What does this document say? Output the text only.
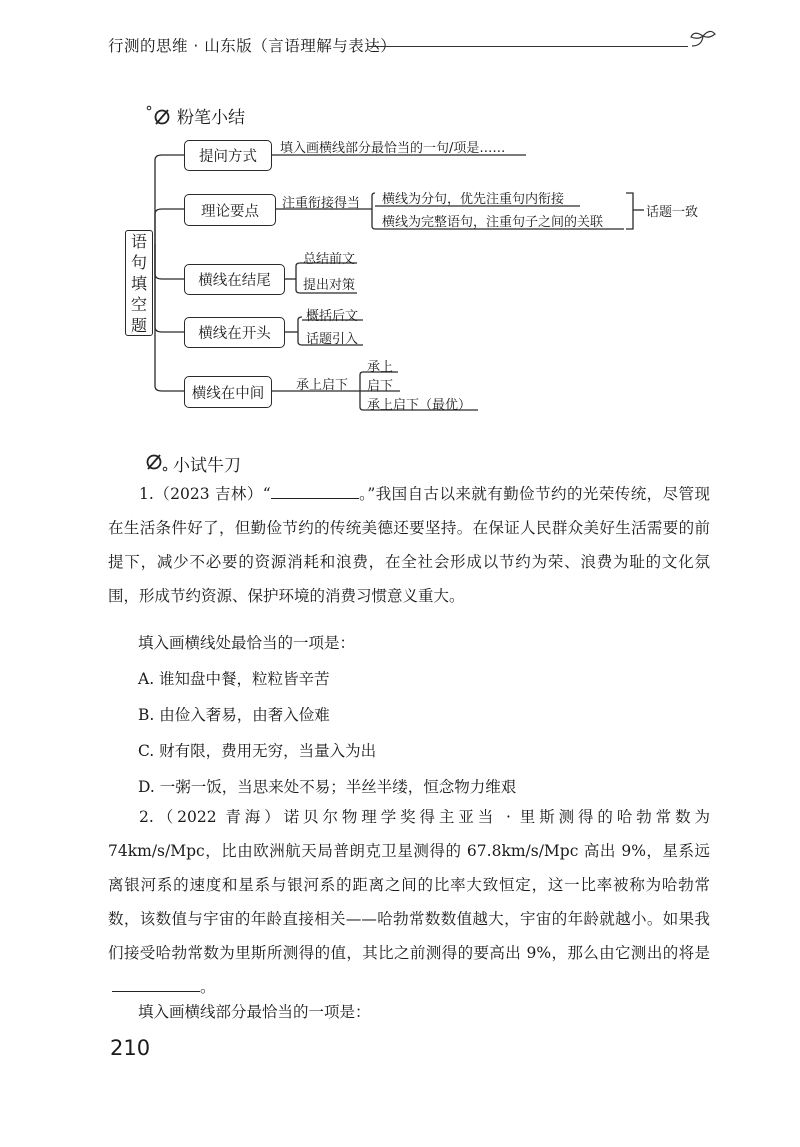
行测的思维 · 山东版（言语理解与表达）
粉笔小结
语
句
填
空
题
提问方式
填入画横线部分最恰当的一句/项是……
理论要点	注重衔接得当 横线为分句，优先注重句内衔接
横线为完整语句，注重句子之间的关联
话题一致
横线在结尾
总结前文
提出对策
横线在开头
概括后文
话题引入
横线在中间	承上启下
承上
启下
承上启下（最优）
小试牛刀
1.（2023 吉林）“	。”我国自古以来就有勤俭节约的光荣传统，尽管现在生活条件好了，但勤俭节约的传统美德还要坚持。在保证人民群众美好生活需要的前提下，减少不必要的资源消耗和浪费，在全社会形成以节约为荣、浪费为耻的文化氛围，形成节约资源、保护环境的消费习惯意义重大。
填入画横线处最恰当的一项是：
A. 谁知盘中餐，粒粒皆辛苦
B. 由俭入奢易，由奢入俭难
C. 财有限，费用无穷，当量入为出
D. 一粥一饭，当思来处不易；半丝半缕，恒念物力维艰
2.（2022 青海）诺贝尔物理学奖得主亚当 · 里斯测得的哈勃常数为 74km/s/Mpc，比由欧洲航天局普朗克卫星测得的 67.8km/s/Mpc 高出 9%，星系远离银河系的速度和星系与银河系的距离之间的比率大致恒定，这一比率被称为哈勃常数，该数值与宇宙的年龄直接相关——哈勃常数数值越大，宇宙的年龄就越小。如果我们接受哈勃常数为里斯所测得的值，其比之前测得的要高出 9%，那么由它测出的将是。
填入画横线部分最恰当的一项是：
210
